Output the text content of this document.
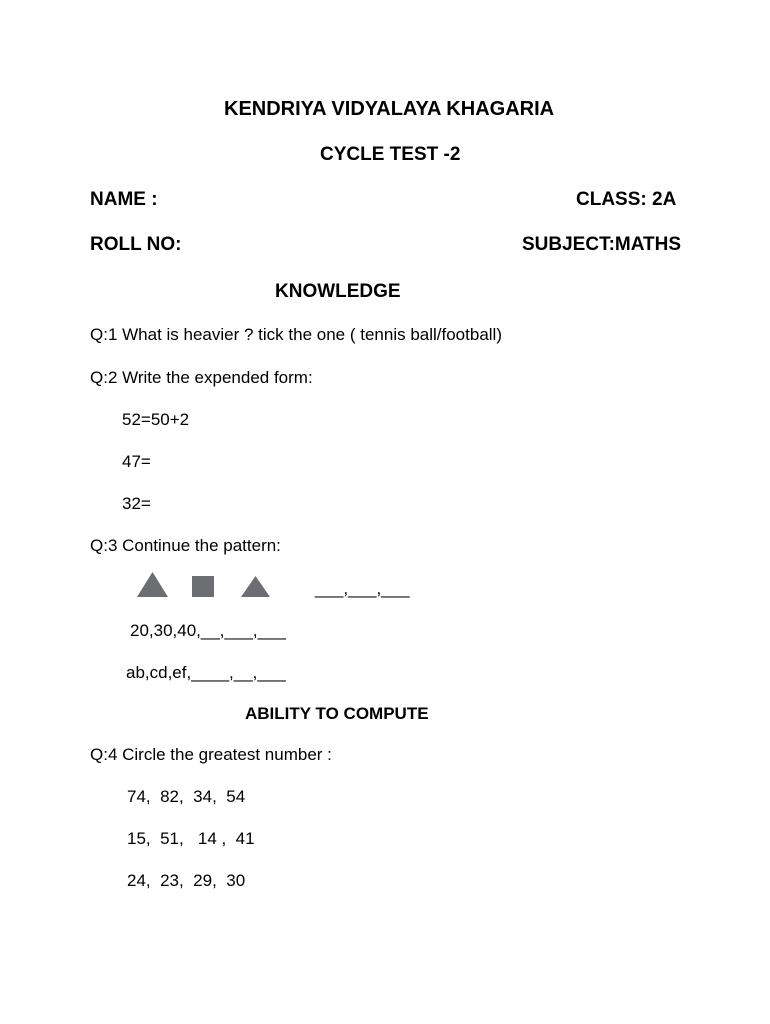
KENDRIYA VIDYALAYA KHAGARIA
CYCLE TEST -2
NAME :	CLASS: 2A
ROLL NO:	SUBJECT:MATHS
KNOWLEDGE
Q:1 What is heavier ? tick the one ( tennis ball/football)
Q:2 Write the expended form:
52=50+2
47=
32=
Q:3 Continue the pattern:
___,___,___
20,30,40,__,___,___
ab,cd,ef,____,__,___
ABILITY TO COMPUTE
Q:4 Circle the greatest number :
74,  82,  34,  54
15,  51,   14 ,  41
24,  23,  29,  30
